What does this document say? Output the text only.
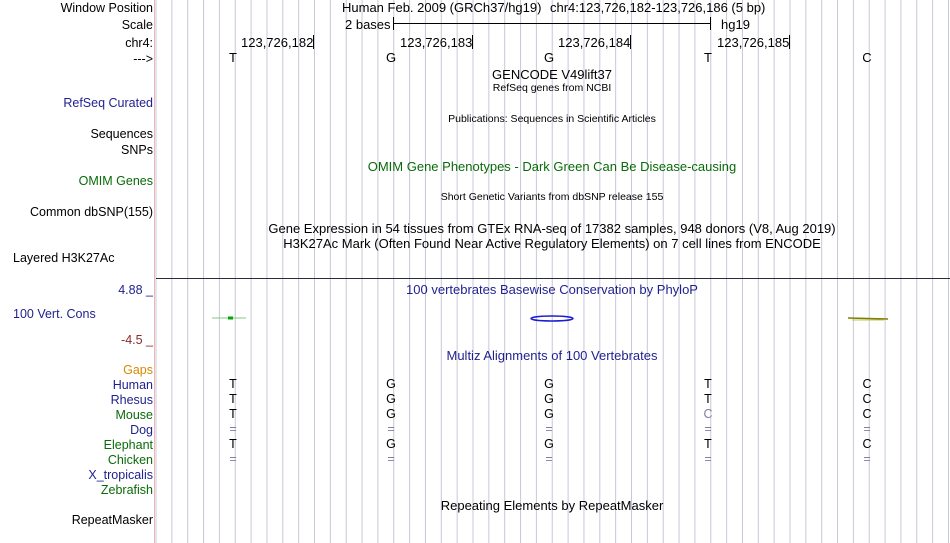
Window Position	Human Feb. 2009 (GRCh37/hg19) chr4:123,726,182-123,726,186 (5 bp)
Scale	2 bases	hg19
chr4:	123,726,182	123,726,183	123,726,184	123,726,185
--->	T	G	G	T	C
GENCODE V49lift37
RefSeq genes from NCBI
RefSeq Curated
Publications: Sequences in Scientific Articles
Sequences
SNPs
OMIM Gene Phenotypes - Dark Green Can Be Disease-causing
OMIM Genes
Short Genetic Variants from dbSNP release 155
Common dbSNP(155)
Gene Expression in 54 tissues from GTEx RNA-seq of 17382 samples, 948 donors (V8, Aug 2019)
H3K27Ac Mark (Often Found Near Active Regulatory Elements) on 7 cell lines from ENCODE
Layered H3K27Ac
4.88 _	100 vertebrates Basewise Conservation by PhyloP
100 Vert. Cons
-4.5 _
Multiz Alignments of 100 Vertebrates
Gaps
Human	T	G	G	T	C
Rhesus	T	G	G	T	C
Mouse	T	G	G	C	C
Dog	=	=	=	=	=
Elephant	T	G	G	T	C
Chicken	=	=	=	=	=
X_tropicalis
Zebrafish
Repeating Elements by RepeatMasker
RepeatMasker
